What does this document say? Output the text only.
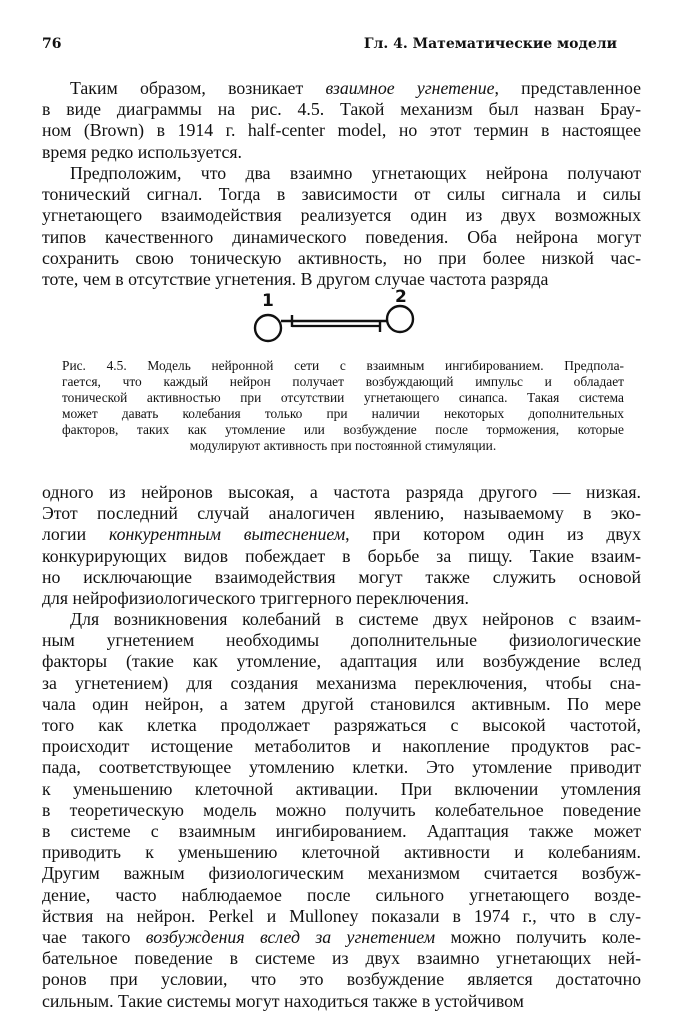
76	Гл. 4. Математические модели
Таким образом, возникает взаимное угнетение, представленное
в виде диаграммы на рис. 4.5. Такой механизм был назван Брау-
ном (Brown) в 1914 г. half-center model, но этот термин в настоящее
время редко используется.
Предположим, что два взаимно угнетающих нейрона получают
тонический сигнал. Тогда в зависимости от силы сигнала и силы
угнетающего взаимодействия реализуется один из двух возможных
типов качественного динамического поведения. Оба нейрона могут
сохранить свою тоническую активность, но при более низкой час-
тоте, чем в отсутствие угнетения. В другом случае частота разряда
1	2
Рис. 4.5. Модель нейронной сети с взаимным ингибированием. Предпола-
гается, что каждый нейрон получает возбуждающий импульс и обладает
тонической активностью при отсутствии угнетающего синапса. Такая система
может давать колебания только при наличии некоторых дополнительных
факторов, таких как утомление или возбуждение после торможения, которые
модулируют активность при постоянной стимуляции.
одного из нейронов высокая, а частота разряда другого — низкая.
Этот последний случай аналогичен явлению, называемому в эко-
логии конкурентным вытеснением, при котором один из двух
конкурирующих видов побеждает в борьбе за пищу. Такие взаим-
но исключающие взаимодействия могут также служить основой
для нейрофизиологического триггерного переключения.
Для возникновения колебаний в системе двух нейронов с взаим-
ным угнетением необходимы дополнительные физиологические
факторы (такие как утомление, адаптация или возбуждение вслед
за угнетением) для создания механизма переключения, чтобы сна-
чала один нейрон, а затем другой становился активным. По мере
того как клетка продолжает разряжаться с высокой частотой,
происходит истощение метаболитов и накопление продуктов рас-
пада, соответствующее утомлению клетки. Это утомление приводит
к уменьшению клеточной активации. При включении утомления
в теоретическую модель можно получить колебательное поведение
в системе с взаимным ингибированием. Адаптация также может
приводить к уменьшению клеточной активности и колебаниям.
Другим важным физиологическим механизмом считается возбуж-
дение, часто наблюдаемое после сильного угнетающего возде-
йствия на нейрон. Perkel и Mulloney показали в 1974 г., что в слу-
чае такого возбуждения вслед за угнетением можно получить коле-
бательное поведение в системе из двух взаимно угнетающих ней-
ронов при условии, что это возбуждение является достаточно
сильным. Такие системы могут находиться также в устойчивом
